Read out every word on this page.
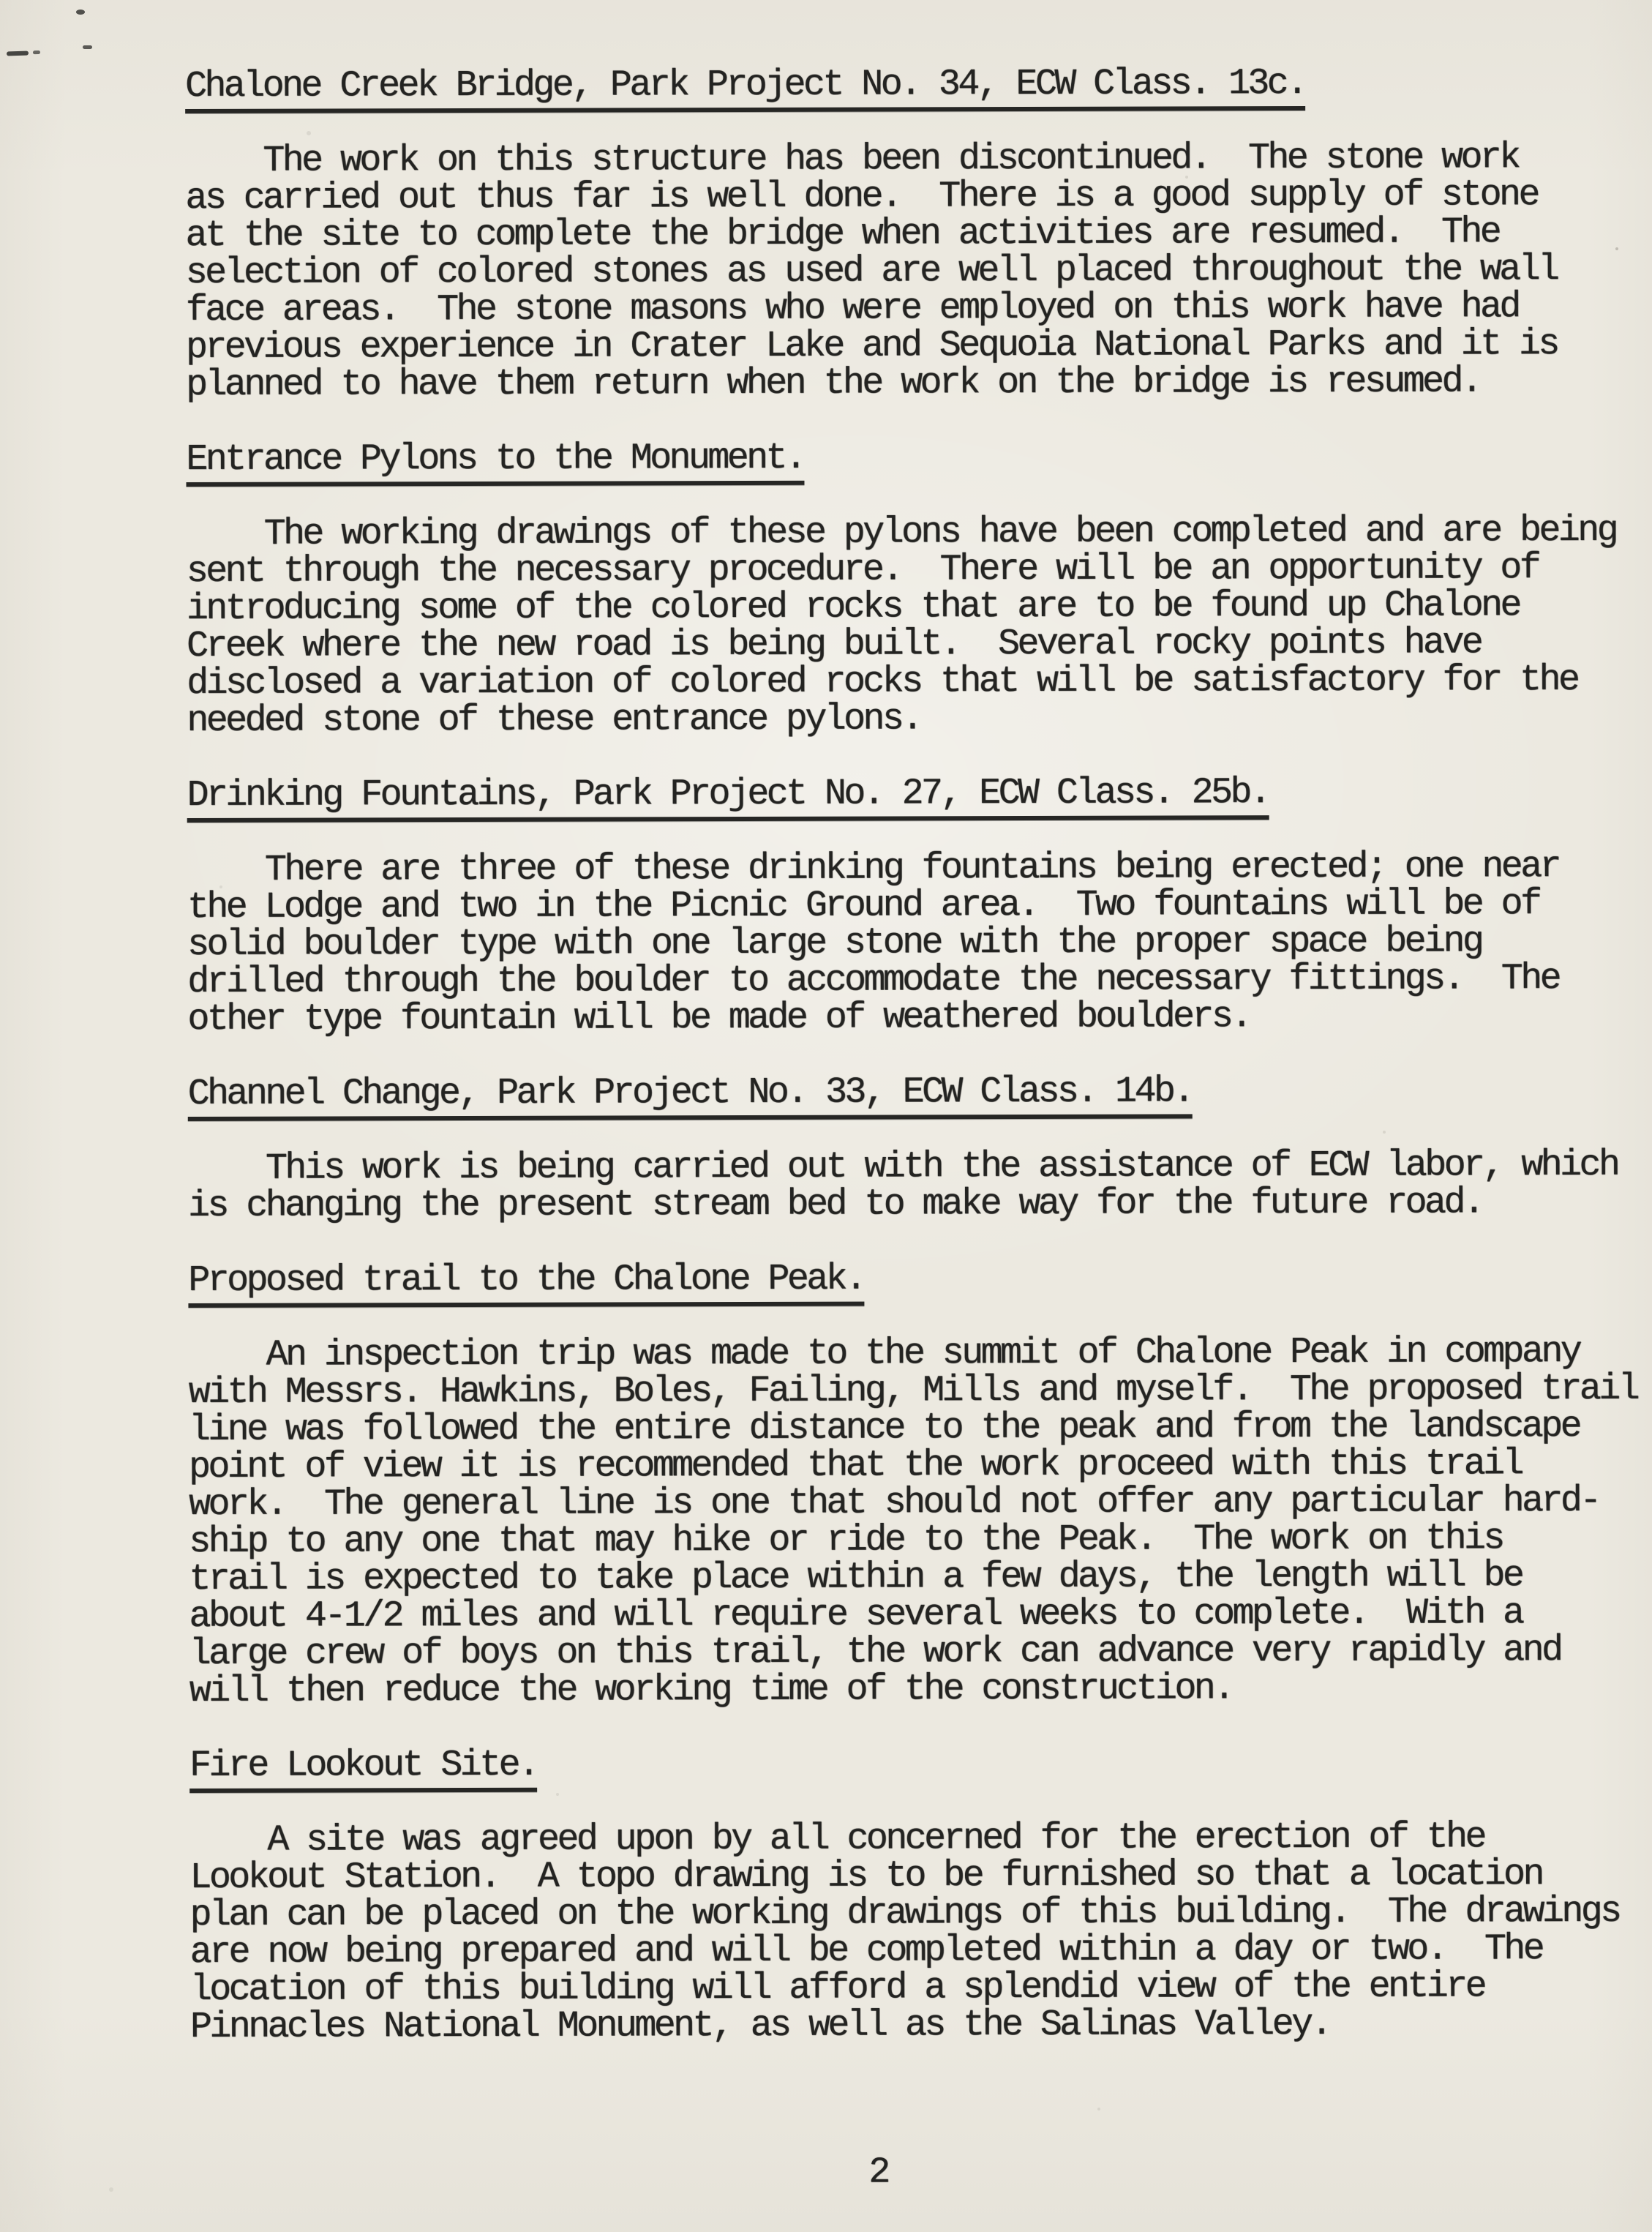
Chalone Creek Bridge, Park Project No. 34, ECW Class. 13c.
The work on this structure has been discontinued.  The stone work
as carried out thus far is well done.  There is a good supply of stone
at the site to complete the bridge when activities are resumed.  The
selection of colored stones as used are well placed throughout the wall
face areas.  The stone masons who were employed on this work have had
previous experience in Crater Lake and Sequoia National Parks and it is
planned to have them return when the work on the bridge is resumed.
Entrance Pylons to the Monument.
The working drawings of these pylons have been completed and are being
sent through the necessary procedure.  There will be an opportunity of
introducing some of the colored rocks that are to be found up Chalone
Creek where the new road is being built.  Several rocky points have
disclosed a variation of colored rocks that will be satisfactory for the
needed stone of these entrance pylons.
Drinking Fountains, Park Project No. 27, ECW Class. 25b.
There are three of these drinking fountains being erected; one near
the Lodge and two in the Picnic Ground area.  Two fountains will be of
solid boulder type with one large stone with the proper space being
drilled through the boulder to accommodate the necessary fittings.  The
other type fountain will be made of weathered boulders.
Channel Change, Park Project No. 33, ECW Class. 14b.
This work is being carried out with the assistance of ECW labor, which
is changing the present stream bed to make way for the future road.
Proposed trail to the Chalone Peak.
An inspection trip was made to the summit of Chalone Peak in company
with Messrs. Hawkins, Boles, Failing, Mills and myself.  The proposed trail
line was followed the entire distance to the peak and from the landscape
point of view it is recommended that the work proceed with this trail
work.  The general line is one that should not offer any particular hard-
ship to any one that may hike or ride to the Peak.  The work on this
trail is expected to take place within a few days, the length will be
about 4-1/2 miles and will require several weeks to complete.  With a
large crew of boys on this trail, the work can advance very rapidly and
will then reduce the working time of the construction.
Fire Lookout Site.
A site was agreed upon by all concerned for the erection of the
Lookout Station.  A topo drawing is to be furnished so that a location
plan can be placed on the working drawings of this building.  The drawings
are now being prepared and will be completed within a day or two.  The
location of this building will afford a splendid view of the entire
Pinnacles National Monument, as well as the Salinas Valley.
2
